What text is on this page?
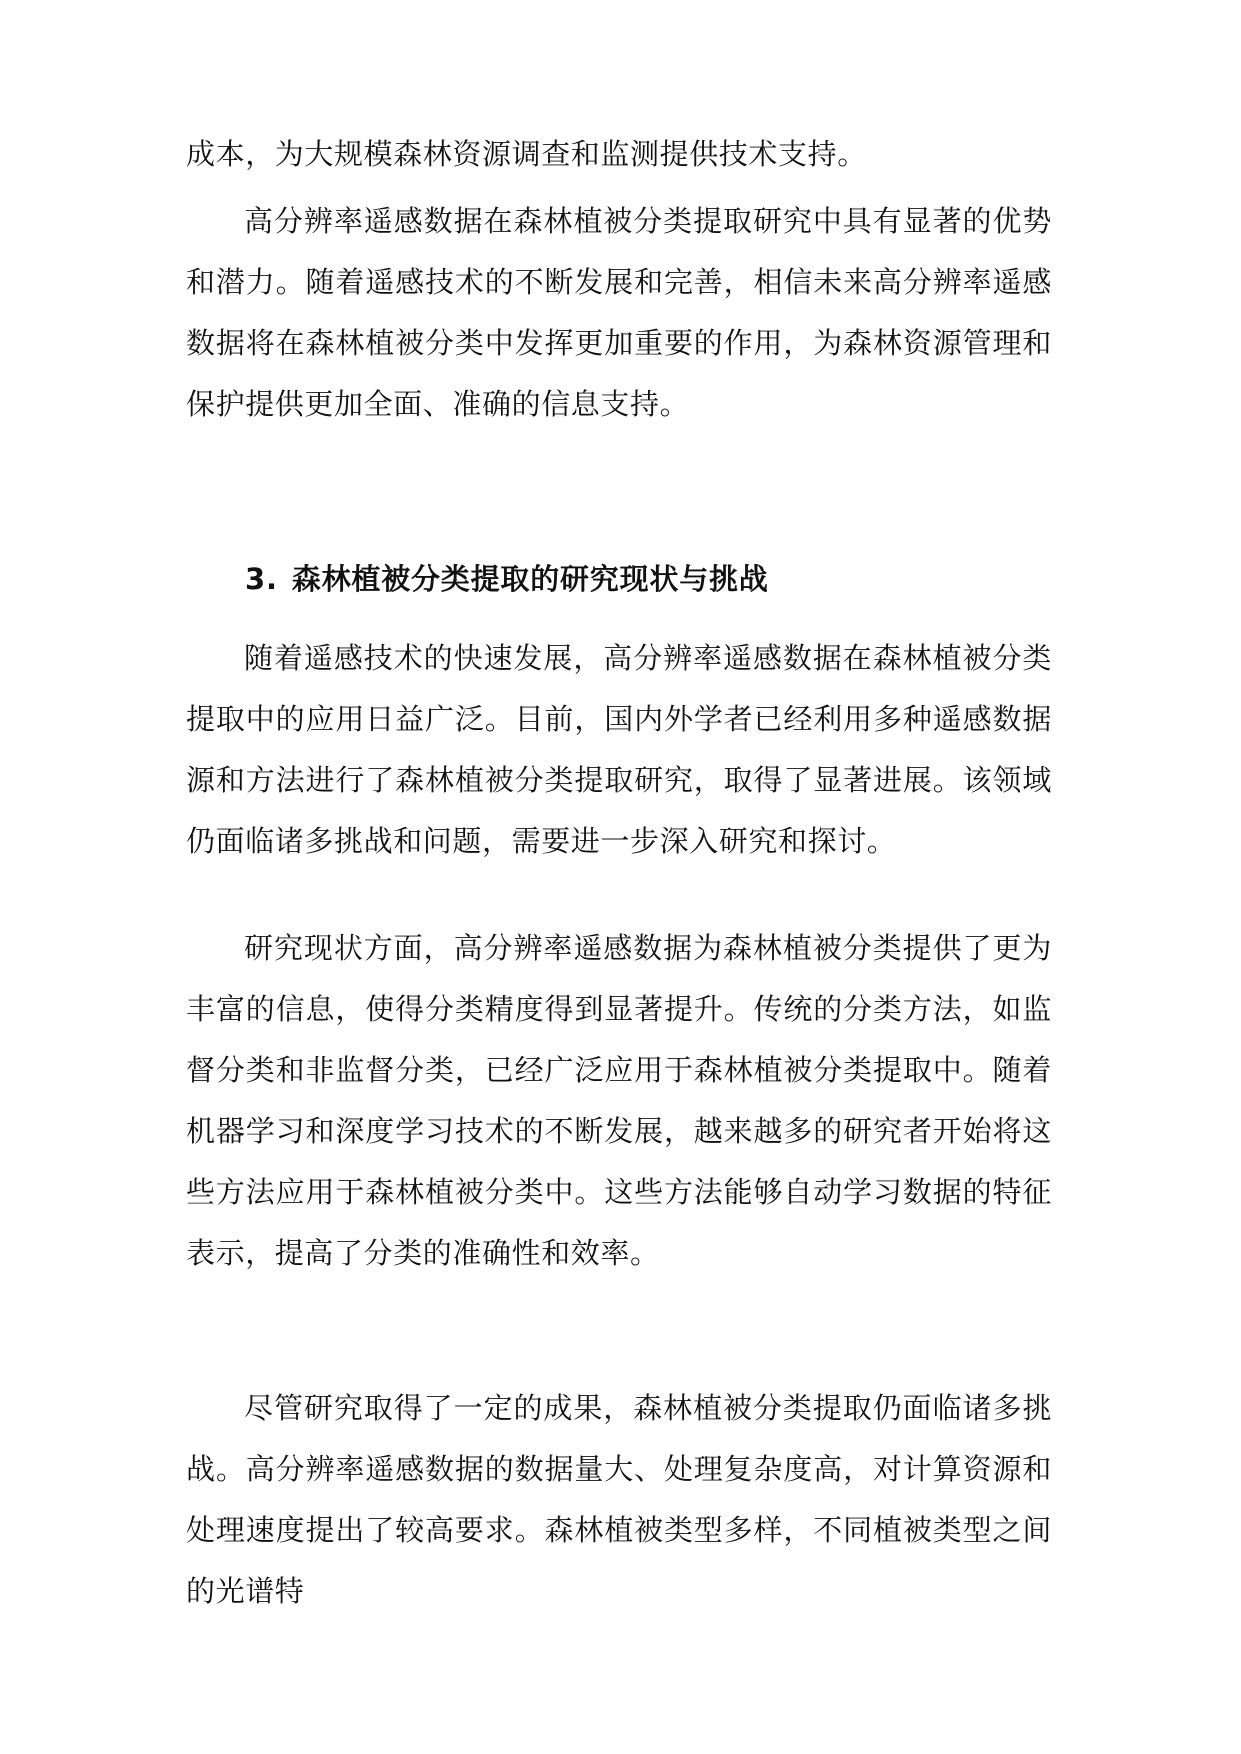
成本，为大规模森林资源调查和监测提供技术支持。

高分辨率遥感数据在森林植被分类提取研究中具有显著的优势和潜力。随着遥感技术的不断发展和完善，相信未来高分辨率遥感数据将在森林植被分类中发挥更加重要的作用，为森林资源管理和保护提供更加全面、准确的信息支持。

3. 森林植被分类提取的研究现状与挑战

随着遥感技术的快速发展，高分辨率遥感数据在森林植被分类提取中的应用日益广泛。目前，国内外学者已经利用多种遥感数据源和方法进行了森林植被分类提取研究，取得了显著进展。该领域仍面临诸多挑战和问题，需要进一步深入研究和探讨。

研究现状方面，高分辨率遥感数据为森林植被分类提供了更为丰富的信息，使得分类精度得到显著提升。传统的分类方法，如监督分类和非监督分类，已经广泛应用于森林植被分类提取中。随着机器学习和深度学习技术的不断发展，越来越多的研究者开始将这些方法应用于森林植被分类中。这些方法能够自动学习数据的特征表示，提高了分类的准确性和效率。

尽管研究取得了一定的成果，森林植被分类提取仍面临诸多挑战。高分辨率遥感数据的数据量大、处理复杂度高，对计算资源和处理速度提出了较高要求。森林植被类型多样，不同植被类型之间的光谱特
